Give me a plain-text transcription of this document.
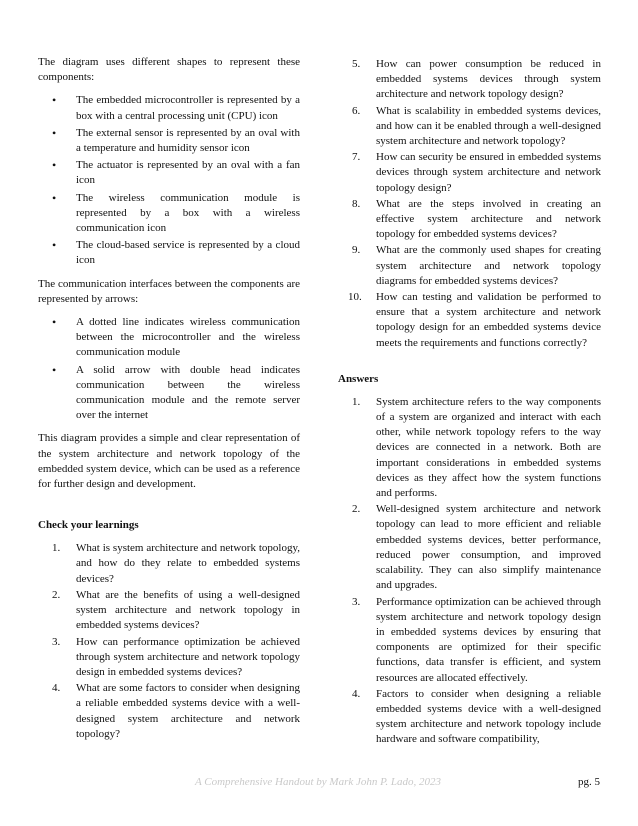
The diagram uses different shapes to represent these components:

• The embedded microcontroller is represented by a box with a central processing unit (CPU) icon
• The external sensor is represented by an oval with a temperature and humidity sensor icon
• The actuator is represented by an oval with a fan icon
• The wireless communication module is represented by a box with a wireless communication icon
• The cloud-based service is represented by a cloud icon

The communication interfaces between the components are represented by arrows:

• A dotted line indicates wireless communication between the microcontroller and the wireless communication module
• A solid arrow with double head indicates communication between the wireless communication module and the remote server over the internet

This diagram provides a simple and clear representation of the system architecture and network topology of the embedded system device, which can be used as a reference for further design and development.

Check your learnings
1. What is system architecture and network topology, and how do they relate to embedded systems devices?
2. What are the benefits of using a well-designed system architecture and network topology in embedded systems devices?
3. How can performance optimization be achieved through system architecture and network topology design in embedded systems devices?
4. What are some factors to consider when designing a reliable embedded systems device with a well-designed system architecture and network topology?
5. How can power consumption be reduced in embedded systems devices through system architecture and network topology design?
6. What is scalability in embedded systems devices, and how can it be enabled through a well-designed system architecture and network topology?
7. How can security be ensured in embedded systems devices through system architecture and network topology design?
8. What are the steps involved in creating an effective system architecture and network topology for embedded systems devices?
9. What are the commonly used shapes for creating system architecture and network topology diagrams for embedded systems devices?
10. How can testing and validation be performed to ensure that a system architecture and network topology design for an embedded systems device meets the requirements and functions correctly?
Answers
1. System architecture refers to the way components of a system are organized and interact with each other, while network topology refers to the way devices are connected in a network. Both are important considerations in embedded systems devices as they affect how the system functions and performs.
2. Well-designed system architecture and network topology can lead to more efficient and reliable embedded systems devices, better performance, reduced power consumption, and improved scalability. They can also simplify maintenance and upgrades.
3. Performance optimization can be achieved through system architecture and network topology design in embedded systems devices by ensuring that components are optimized for their specific functions, data transfer is efficient, and system resources are allocated effectively.
4. Factors to consider when designing a reliable embedded systems device with a well-designed system architecture and network topology include hardware and software compatibility,
A Comprehensive Handout by Mark John P. Lado, 2023	pg. 5
